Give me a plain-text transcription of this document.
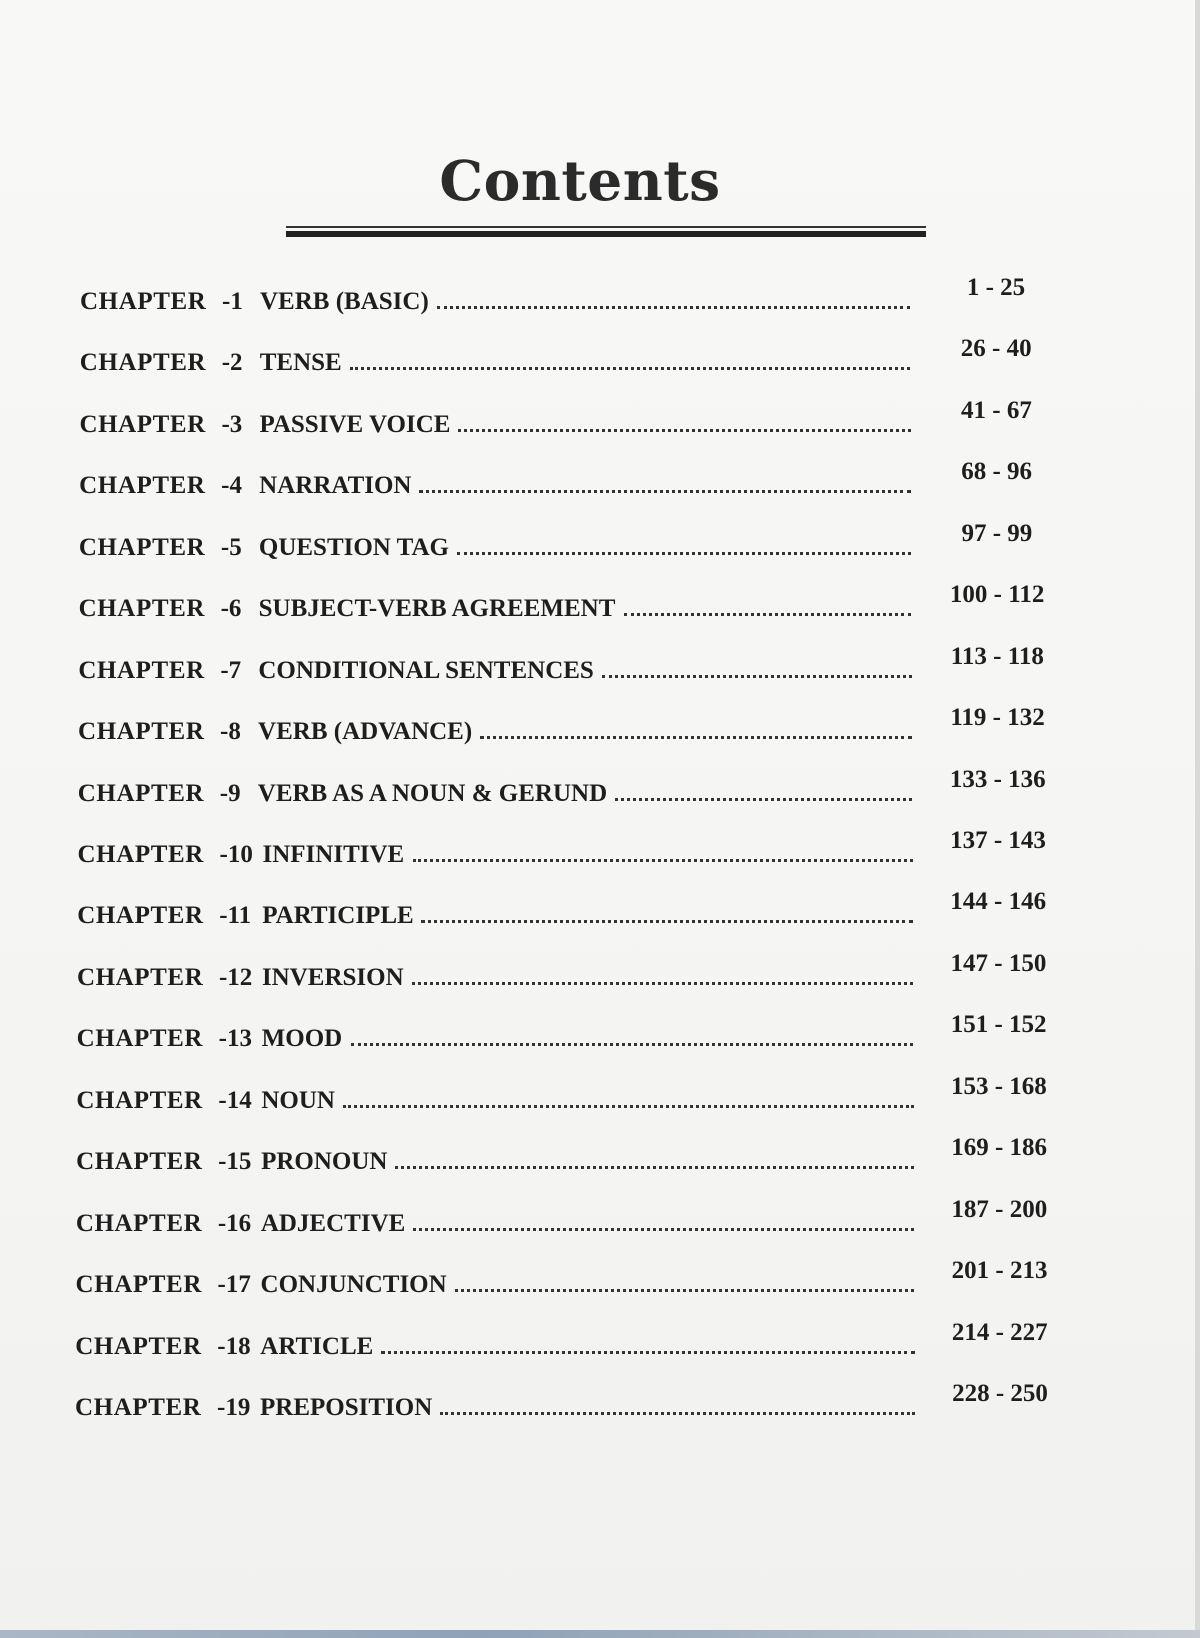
Contents
CHAPTER -1 VERB (BASIC)
1 - 25
CHAPTER -2 TENSE
26 - 40
CHAPTER -3 PASSIVE VOICE
41 - 67
CHAPTER -4 NARRATION
68 - 96
CHAPTER -5 QUESTION TAG
97 - 99
CHAPTER -6 SUBJECT-VERB AGREEMENT
100 - 112
CHAPTER -7 CONDITIONAL SENTENCES
113 - 118
CHAPTER -8 VERB (ADVANCE)
119 - 132
CHAPTER -9 VERB AS A NOUN & GERUND
133 - 136
CHAPTER -10 INFINITIVE
137 - 143
CHAPTER -11 PARTICIPLE
144 - 146
CHAPTER -12 INVERSION
147 - 150
CHAPTER -13 MOOD
151 - 152
CHAPTER -14 NOUN
153 - 168
CHAPTER -15 PRONOUN
169 - 186
CHAPTER -16 ADJECTIVE
187 - 200
CHAPTER -17 CONJUNCTION
201 - 213
CHAPTER -18 ARTICLE
214 - 227
CHAPTER -19 PREPOSITION
228 - 250
